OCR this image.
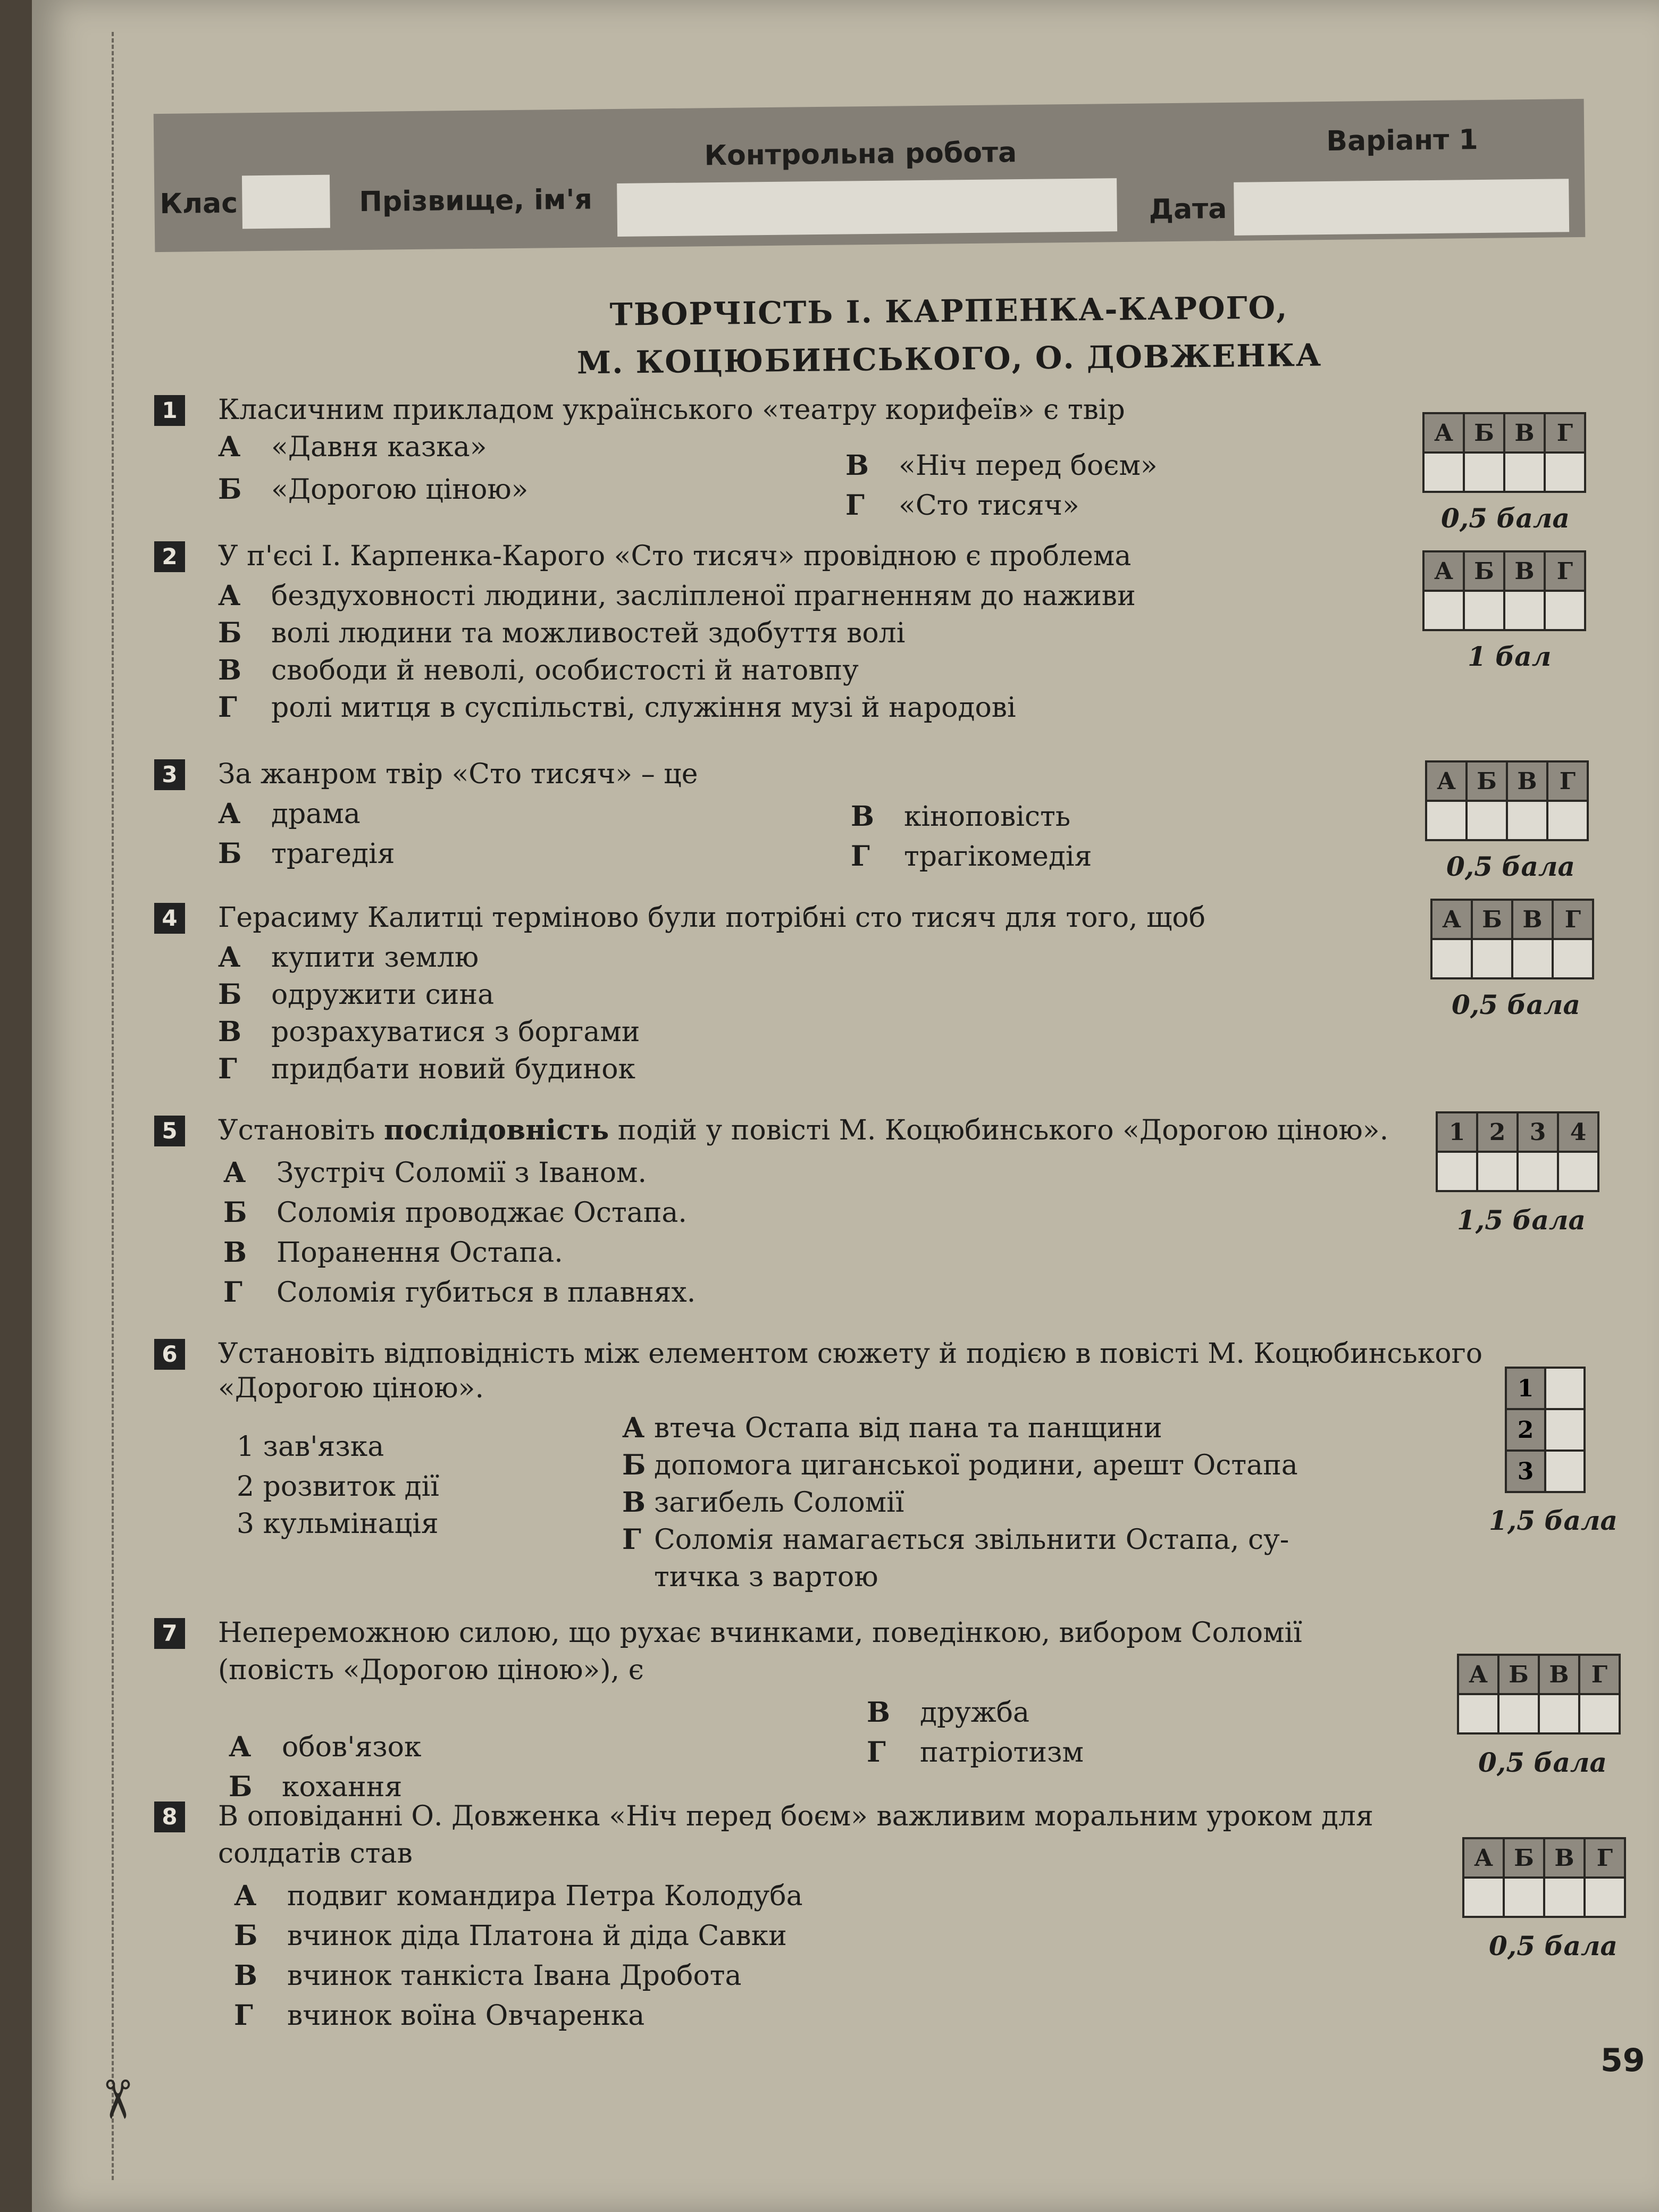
✂
Клас	Прізвище, ім'я
Контрольна робота	Варіант 1
Дата
ТВОРЧІСТЬ І. КАРПЕНКА-КАРОГО,
М. КОЦЮБИНСЬКОГО, О. ДОВЖЕНКА
1 Класичним прикладом українського «театру корифеїв» є твір
А «Давня казка»
Б «Дорогою ціною»
В «Ніч перед боєм»
Г «Сто тисяч»
А	Б	В	Г

0,5 бала
2 У п'єсі І. Карпенка-Карого «Сто тисяч» провідною є проблема
А бездуховності людини, засліпленої прагненням до наживи
Б волі людини та можливостей здобуття волі
В свободи й неволі, особистості й натовпу
Г ролі митця в суспільстві, служіння музі й народові
А	Б	В	Г

1 бал
3 За жанром твір «Сто тисяч» – це
А драма
Б трагедія
В кіноповість
Г трагікомедія
А	Б	В	Г

0,5 бала
4 Герасиму Калитці терміново були потрібні сто тисяч для того, щоб
А купити землю
Б одружити сина
В розрахуватися з боргами
Г придбати новий будинок
А	Б	В	Г

0,5 бала
5 Установіть послідовність подій у повісті М. Коцюбинського «Дорогою ціною».
А Зустріч Соломії з Іваном.
Б Соломія проводжає Остапа.
В Поранення Остапа.
Г Соломія губиться в плавнях.
1	2	3	4

1,5 бала
6 Установіть відповідність між елементом сюжету й подією в повісті М. Коцюбинського
«Дорогою ціною».
1 зав'язка
2 розвиток дії
3 кульмінація
А втеча Остапа від пана та панщини
Б допомога циганської родини, арешт Остапа
В загибель Соломії
Г Соломія намагається звільнити Остапа, су-
тичка з вартою
1	
2	
3	
1,5 бала
7 Непереможною силою, що рухає вчинками, поведінкою, вибором Соломії
(повість «Дорогою ціною»), є
А обов'язок
Б кохання
В дружба
Г патріотизм
А	Б	В	Г

0,5 бала
8 В оповіданні О. Довженка «Ніч перед боєм» важливим моральним уроком для
солдатів став
А подвиг командира Петра Колодуба
Б вчинок діда Платона й діда Савки
В вчинок танкіста Івана Дробота
Г вчинок воїна Овчаренка
А	Б	В	Г

0,5 бала
59
